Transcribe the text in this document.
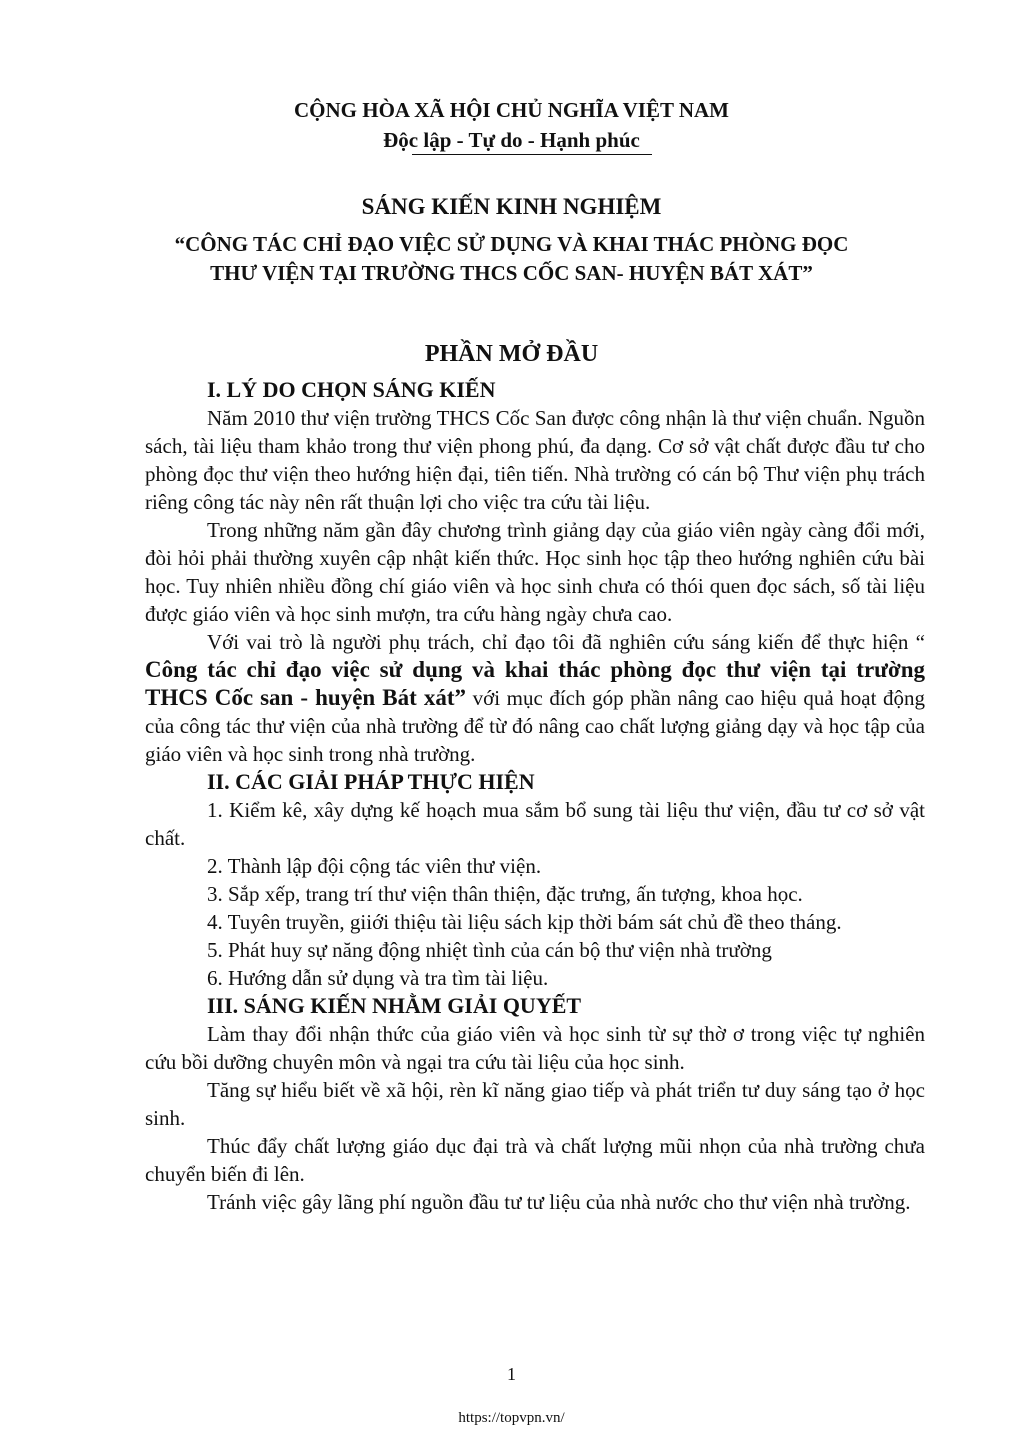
CỘNG HÒA XÃ HỘI CHỦ NGHĨA VIỆT NAM
Độc lập - Tự do - Hạnh phúc
SÁNG KIẾN KINH NGHIỆM
“CÔNG TÁC CHỈ ĐẠO VIỆC SỬ DỤNG VÀ KHAI THÁC PHÒNG ĐỌC
THƯ VIỆN TẠI TRƯỜNG THCS CỐC SAN- HUYỆN BÁT XÁT”
PHẦN MỞ ĐẦU
I. LÝ DO CHỌN SÁNG KIẾN

Năm 2010 thư viện trường THCS Cốc San được công nhận là thư viện chuẩn. Nguồn sách, tài liệu tham khảo trong thư viện phong phú, đa dạng. Cơ sở vật chất được đầu tư cho phòng đọc thư viện theo hướng hiện đại, tiên tiến. Nhà trường có cán bộ Thư viện phụ trách riêng công tác này nên rất thuận lợi cho việc tra cứu tài liệu.

Trong những năm gần đây chương trình giảng dạy của giáo viên ngày càng đổi mới, đòi hỏi phải thường xuyên cập nhật kiến thức. Học sinh học tập theo hướng nghiên cứu bài học. Tuy nhiên nhiều đồng chí giáo viên và học sinh chưa có thói quen đọc sách, số tài liệu được giáo viên và học sinh mượn, tra cứu hàng ngày chưa cao.

Với vai trò là người phụ trách, chỉ đạo tôi đã nghiên cứu sáng kiến để thực hiện “ Công tác chỉ đạo việc sử dụng và khai thác phòng đọc thư viện tại trường THCS Cốc san - huyện Bát xát” với mục đích góp phần nâng cao hiệu quả hoạt động của công tác thư viện của nhà trường để từ đó nâng cao chất lượng giảng dạy và học tập của giáo viên và học sinh trong nhà trường.

II. CÁC GIẢI PHÁP THỰC HIỆN

1. Kiểm kê, xây dựng kế hoạch mua sắm bổ sung tài liệu thư viện, đầu tư cơ sở vật chất.

2. Thành lập đội cộng tác viên thư viện.

3. Sắp xếp, trang trí thư viện thân thiện, đặc trưng, ấn tượng, khoa học.

4. Tuyên truyền, giiới thiệu tài liệu sách kịp thời bám sát chủ đề theo tháng.

5. Phát huy sự năng động nhiệt tình của cán bộ thư viện nhà trường

6. Hướng dẫn sử dụng và tra tìm tài liệu.

III. SÁNG KIẾN NHẰM GIẢI QUYẾT

Làm thay đổi nhận thức của giáo viên và học sinh từ sự thờ ơ trong việc tự nghiên cứu bồi dưỡng chuyên môn và ngại tra cứu tài liệu của học sinh.

Tăng sự hiểu biết về xã hội, rèn kĩ năng giao tiếp và phát triển tư duy sáng tạo ở học sinh.

Thúc đẩy chất lượng giáo dục đại trà và chất lượng mũi nhọn của nhà trường chưa chuyển biến đi lên.

Tránh việc gây lãng phí nguồn đầu tư tư liệu của nhà nước cho thư viện nhà trường.

1
https://topvpn.vn/
